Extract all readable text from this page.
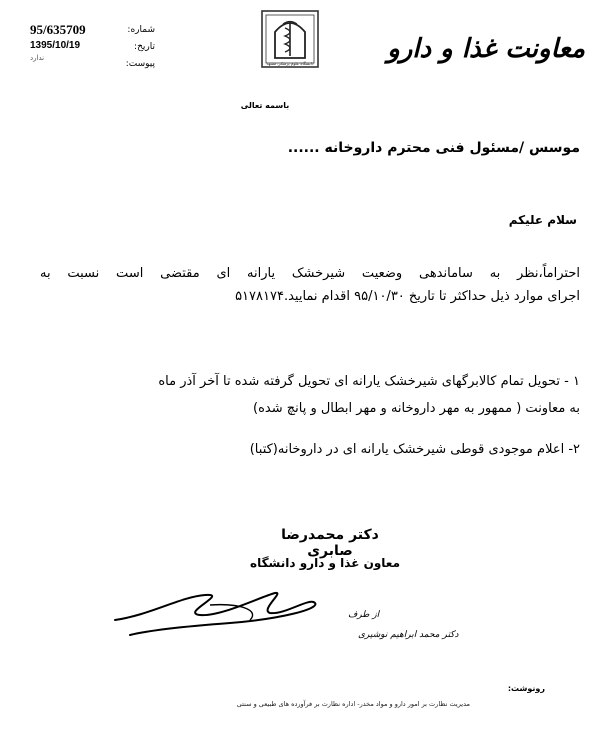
95/635709
1395/10/19
ندارد
شماره:
تاریخ:
پیوست:	دانشگاه علوم پزشکی مشهد	معاونت غذا و دارو
باسمه تعالی
موسس /مسئول فنی محترم داروخانه ......
سلام علیکم
احتراماً،نظر به ساماندهی وضعیت شیرخشک یارانه ای مقتضی است نسبت به
اجرای موارد ذیل حداکثر تا تاریخ ۹۵/۱۰/۳۰ اقدام نمایید.۵۱۷۸۱۷۴
۱ - تحویل تمام کالابرگهای شیرخشک یارانه ای تحویل گرفته شده تا آخر آذر ماه
به معاونت ( ممهور به مهر داروخانه و مهر ابطال و پانچ شده)
۲- اعلام موجودی قوطی شیرخشک یارانه ای در داروخانه(کتبا)
دکتر محمدرضا صابری
معاون غذا و دارو دانشگاه
از طرف
دکتر محمد ابراهیم نوشیری
رونوشت:
مدیریت نظارت بر امور دارو و مواد مخدر- اداره نظارت بر فرآورده های طبیعی و سنتی
